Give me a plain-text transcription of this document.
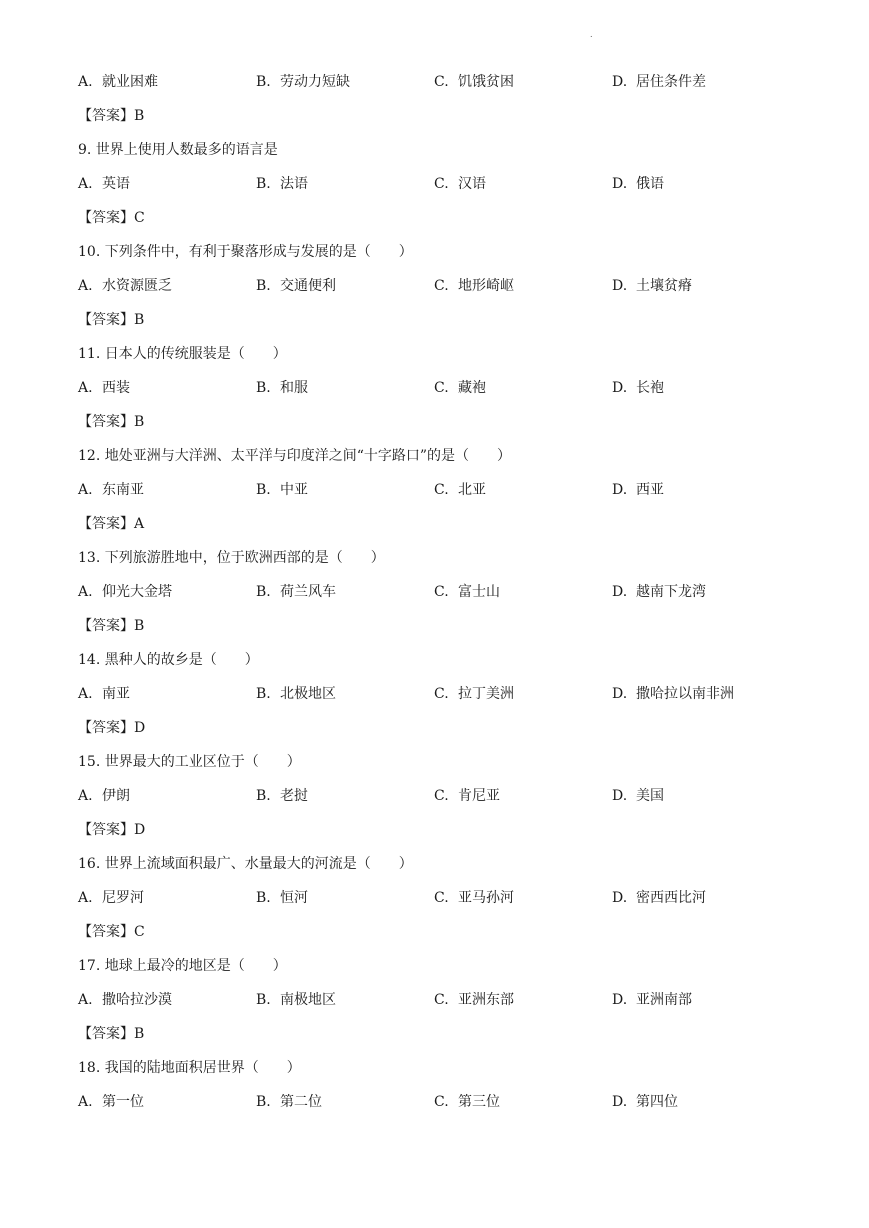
.
A. 就业困难	B. 劳动力短缺	C. 饥饿贫困	D. 居住条件差
【答案】B
9. 世界上使用人数最多的语言是
A. 英语	B. 法语	C. 汉语	D. 俄语
【答案】C
10. 下列条件中，有利于聚落形成与发展的是（　　）
A. 水资源匮乏	B. 交通便利	C. 地形崎岖	D. 土壤贫瘠
【答案】B
11. 日本人的传统服装是（　　）
A. 西装	B. 和服	C. 藏袍	D. 长袍
【答案】B
12. 地处亚洲与大洋洲、太平洋与印度洋之间“十字路口”的是（　　）
A. 东南亚	B. 中亚	C. 北亚	D. 西亚
【答案】A
13. 下列旅游胜地中，位于欧洲西部的是（　　）
A. 仰光大金塔	B. 荷兰风车	C. 富士山	D. 越南下龙湾
【答案】B
14. 黑种人的故乡是（　　）
A. 南亚	B. 北极地区	C. 拉丁美洲	D. 撒哈拉以南非洲
【答案】D
15. 世界最大的工业区位于（　　）
A. 伊朗	B. 老挝	C. 肯尼亚	D. 美国
【答案】D
16. 世界上流域面积最广、水量最大的河流是（　　）
A. 尼罗河	B. 恒河	C. 亚马孙河	D. 密西西比河
【答案】C
17. 地球上最冷的地区是（　　）
A. 撒哈拉沙漠	B. 南极地区	C. 亚洲东部	D. 亚洲南部
【答案】B
18. 我国的陆地面积居世界（　　）
A. 第一位	B. 第二位	C. 第三位	D. 第四位
